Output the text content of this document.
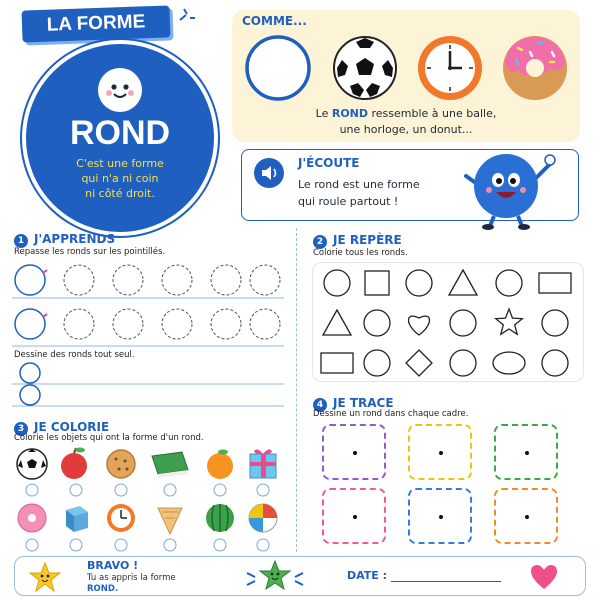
LA FORME
ROND
C'est une forme
qui n'a ni coin
ni côté droit.
COMME...
Le ROND ressemble à une balle,
une horloge, un donut...
J'ÉCOUTE
Le rond est une forme
qui roule partout !
1 J'APPRENDS
Repasse les ronds sur les pointillés.
Dessine des ronds tout seul.
2 JE REPÈRE
Colorie tous les ronds.
3 JE COLORIE
Colorie les objets qui ont la forme d'un rond.
4 JE TRACE
Dessine un rond dans chaque cadre.
BRAVO !
Tu as appris la forme
ROND.
DATE :
